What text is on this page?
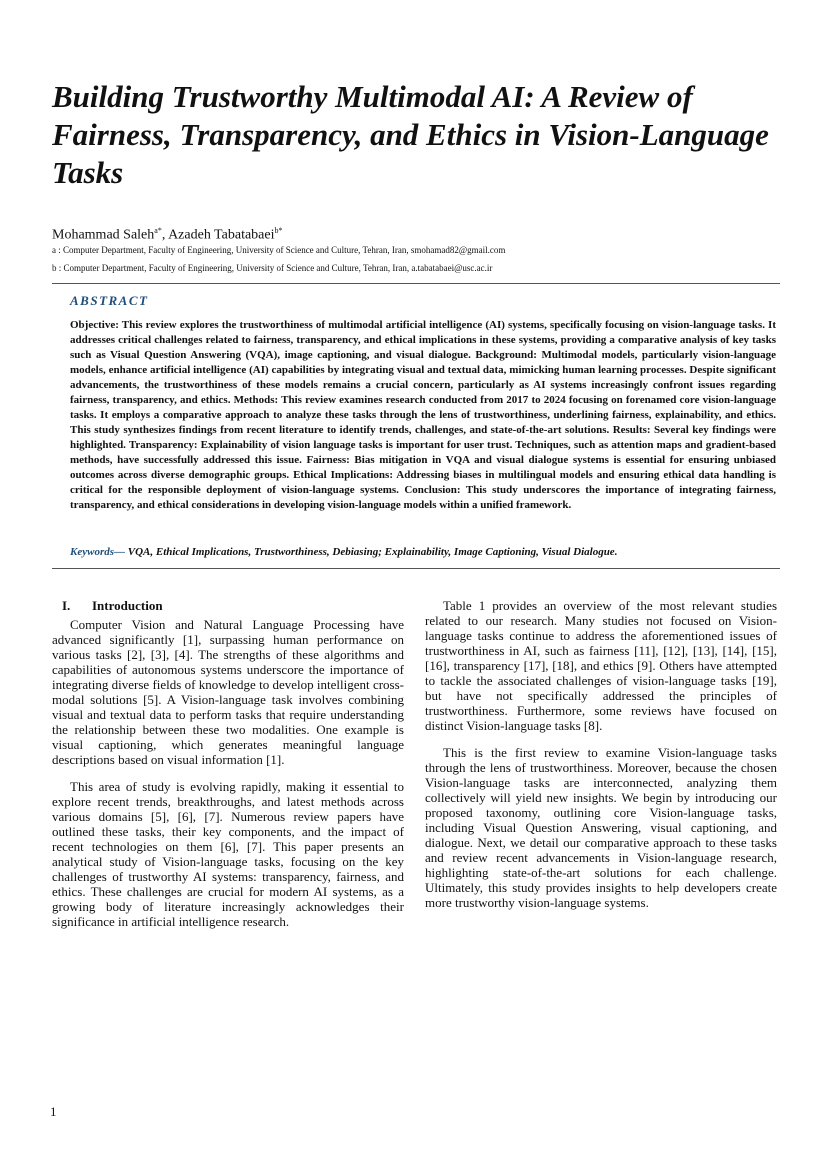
Building Trustworthy Multimodal AI: A Review of Fairness, Transparency, and Ethics in Vision-Language Tasks
Mohammad Saleh$^{a*}$, Azadeh Tabatabaei$^{b*}$
a : Computer Department, Faculty of Engineering, University of Science and Culture, Tehran, Iran, smohamad82@gmail.com
b : Computer Department, Faculty of Engineering, University of Science and Culture, Tehran, Iran, a.tabatabaei@usc.ac.ir
ABSTRACT

Objective: This review explores the trustworthiness of multimodal artificial intelligence (AI) systems, specifically focusing on vision-language tasks. It addresses critical challenges related to fairness, transparency, and ethical implications in these systems, providing a comparative analysis of key tasks such as Visual Question Answering (VQA), image captioning, and visual dialogue. Background: Multimodal models, particularly vision-language models, enhance artificial intelligence (AI) capabilities by integrating visual and textual data, mimicking human learning processes. Despite significant advancements, the trustworthiness of these models remains a crucial concern, particularly as AI systems increasingly confront issues regarding fairness, transparency, and ethics. Methods: This review examines research conducted from 2017 to 2024 focusing on forenamed core vision-language tasks. It employs a comparative approach to analyze these tasks through the lens of trustworthiness, underlining fairness, explainability, and ethics. This study synthesizes findings from recent literature to identify trends, challenges, and state-of-the-art solutions. Results: Several key findings were highlighted. Transparency: Explainability of vision language tasks is important for user trust. Techniques, such as attention maps and gradient-based methods, have successfully addressed this issue. Fairness: Bias mitigation in VQA and visual dialogue systems is essential for ensuring unbiased outcomes across diverse demographic groups. Ethical Implications: Addressing biases in multilingual models and ensuring ethical data handling is critical for the responsible deployment of vision-language systems. Conclusion: This study underscores the importance of integrating fairness, transparency, and ethical considerations in developing vision-language models within a unified framework.

Keywords— VQA, Ethical Implications, Trustworthiness, Debiasing; Explainability, Image Captioning, Visual Dialogue.

I. Introduction

Computer Vision and Natural Language Processing have advanced significantly [1], surpassing human performance on various tasks [2], [3], [4]. The strengths of these algorithms and capabilities of autonomous systems underscore the importance of integrating diverse fields of knowledge to develop intelligent cross-modal solutions [5]. A Vision-language task involves combining visual and textual data to perform tasks that require understanding the relationship between these two modalities. One example is visual captioning, which generates meaningful language descriptions based on visual information [1].

This area of study is evolving rapidly, making it essential to explore recent trends, breakthroughs, and latest methods across various domains [5], [6], [7]. Numerous review papers have outlined these tasks, their key components, and the impact of recent technologies on them [6], [7]. This paper presents an analytical study of Vision-language tasks, focusing on the key challenges of trustworthy AI systems: transparency, fairness, and ethics. These challenges are crucial for modern AI systems, as a growing body of literature increasingly acknowledges their significance in artificial intelligence research.

Table 1 provides an overview of the most relevant studies related to our research. Many studies not focused on Vision-language tasks continue to address the aforementioned issues of trustworthiness in AI, such as fairness [11], [12], [13], [14], [15], [16], transparency [17], [18], and ethics [9]. Others have attempted to tackle the associated challenges of vision-language tasks [19], but have not specifically addressed the principles of trustworthiness. Furthermore, some reviews have focused on distinct Vision-language tasks [8].

This is the first review to examine Vision-language tasks through the lens of trustworthiness. Moreover, because the chosen Vision-language tasks are interconnected, analyzing them collectively will yield new insights. We begin by introducing our proposed taxonomy, outlining core Vision-language tasks, including Visual Question Answering, visual captioning, and dialogue. Next, we detail our comparative approach to these tasks and review recent advancements in Vision-language research, highlighting state-of-the-art solutions for each challenge. Ultimately, this study provides insights to help developers create more trustworthy vision-language systems.

1
